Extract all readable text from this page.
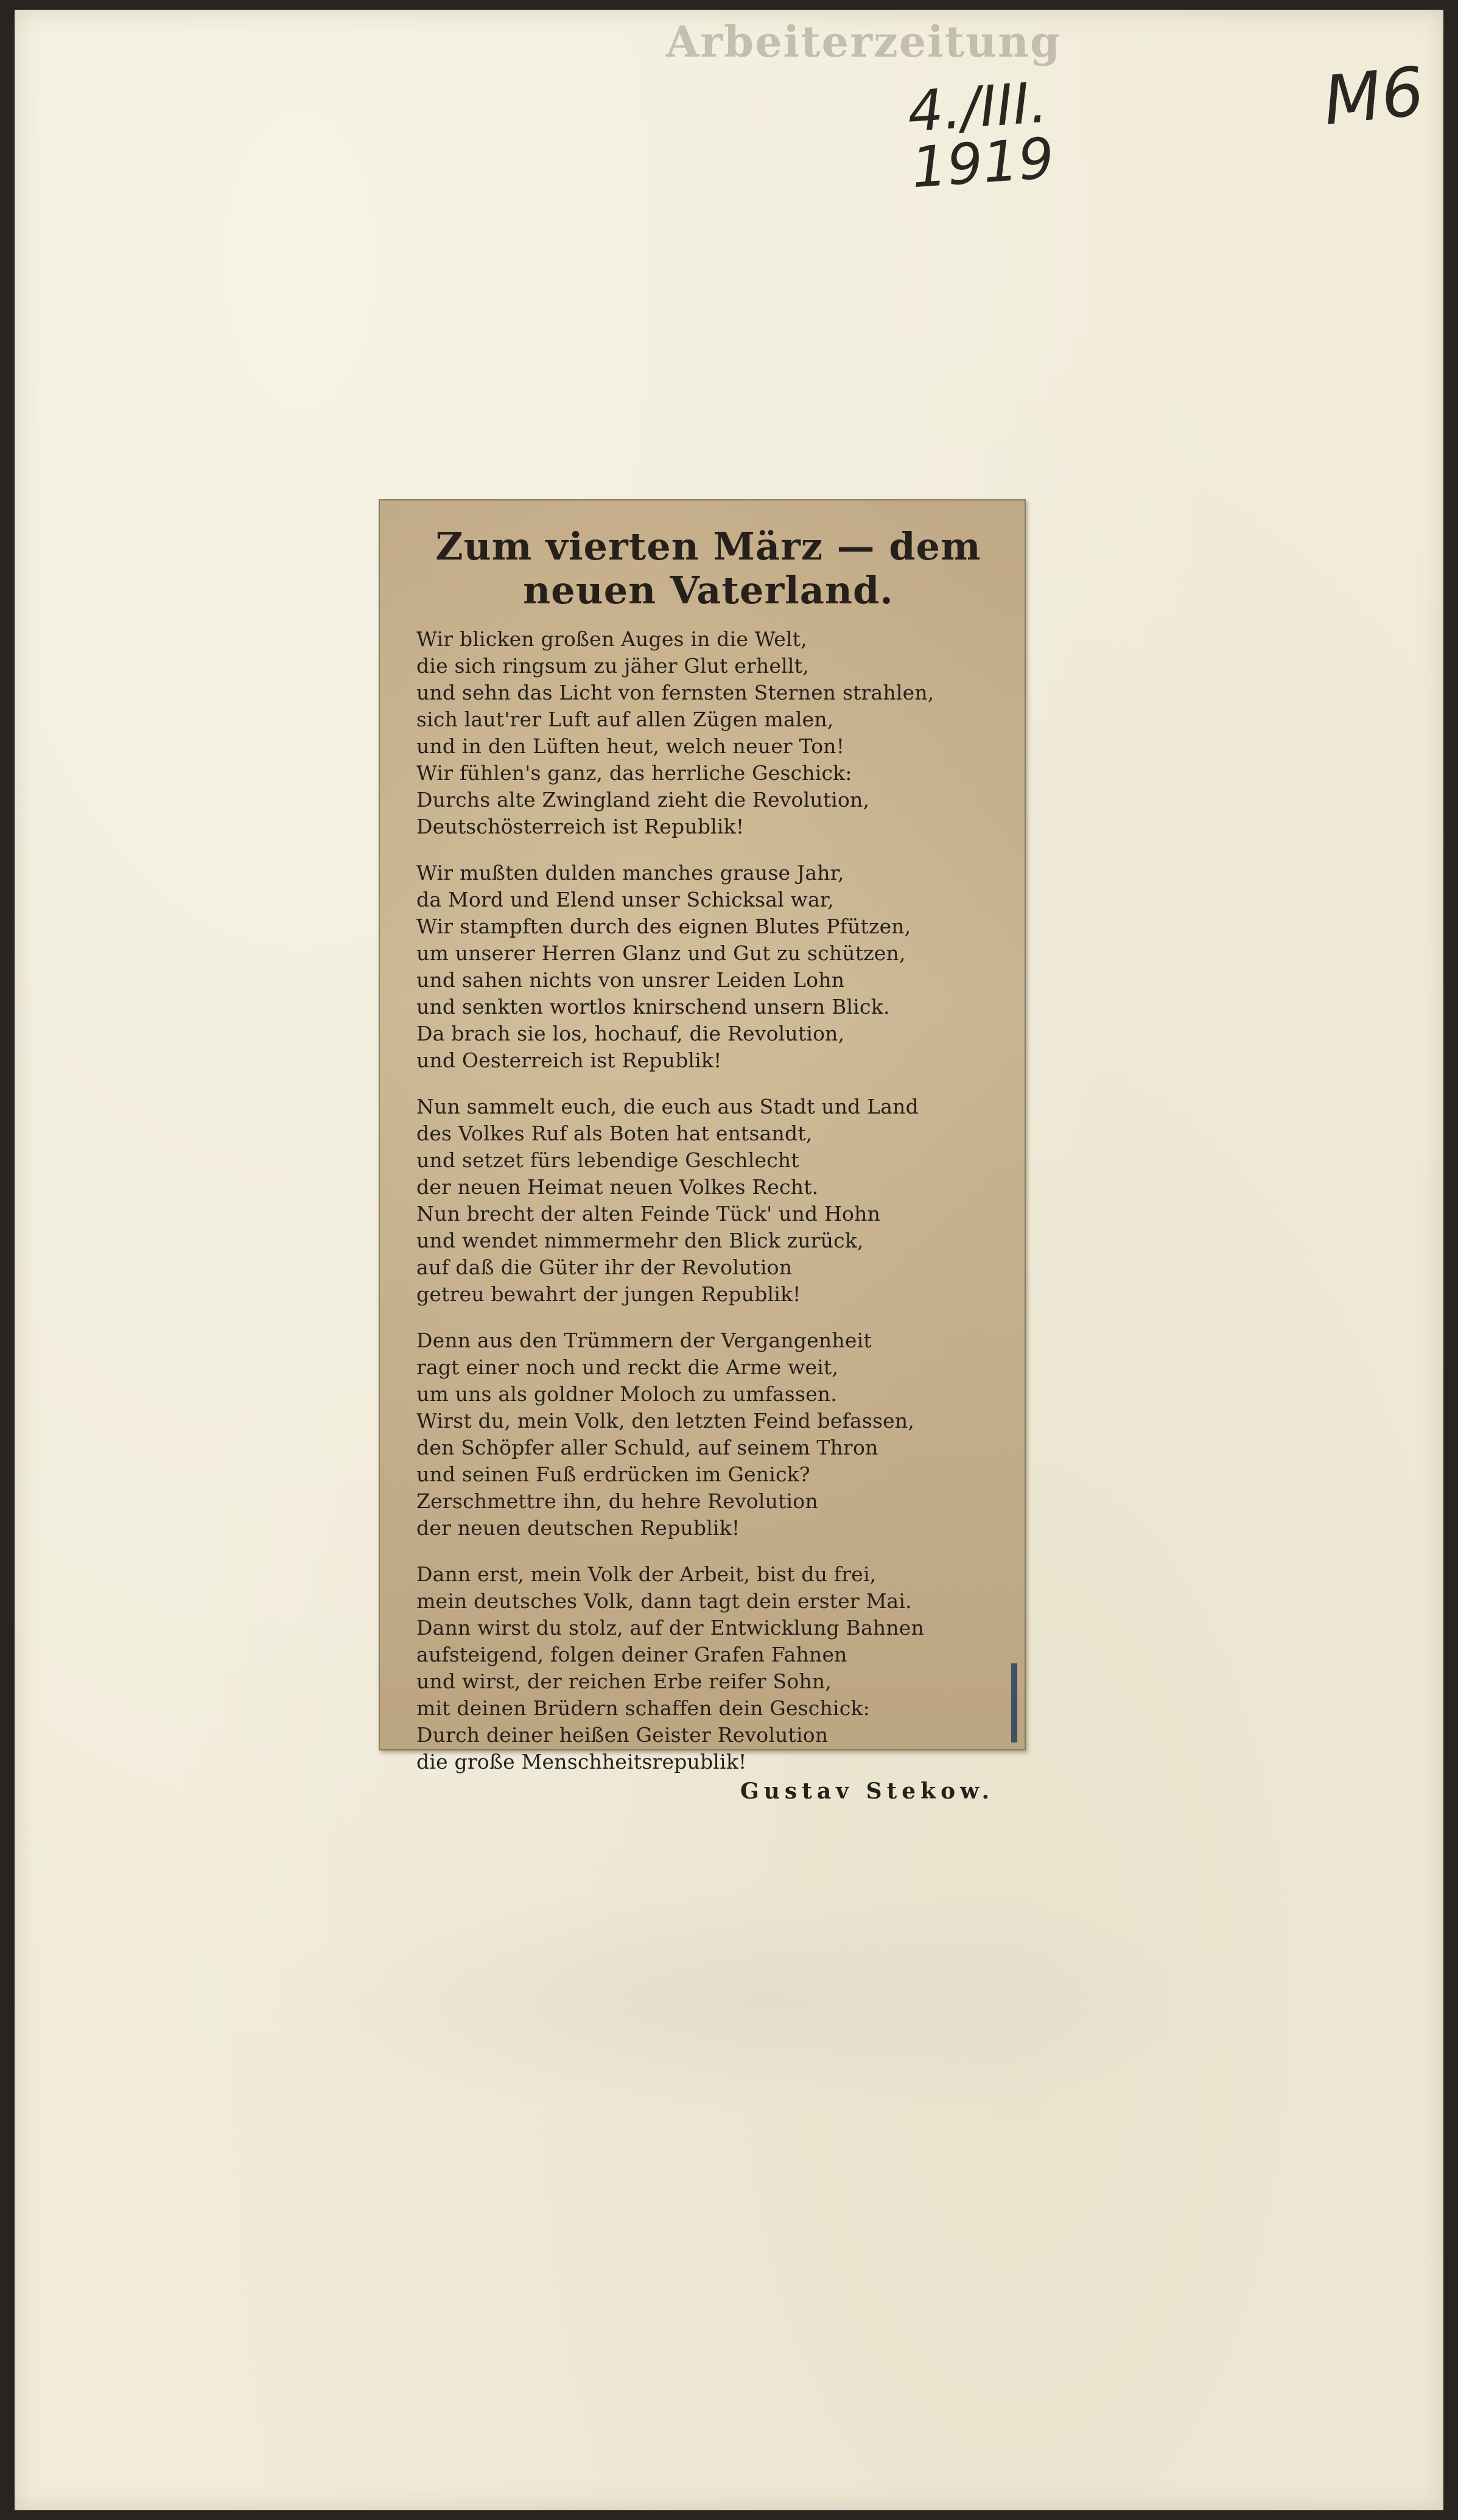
Arbeiterzeitung
4./III. 1919
M6
Zum vierten März — dem neuen Vaterland.
Wir blicken großen Auges in die Welt,
die sich ringsum zu jäher Glut erhellt,
und sehn das Licht von fernsten Sternen strahlen,
sich laut'rer Luft auf allen Zügen malen,
und in den Lüften heut, welch neuer Ton!
Wir fühlen's ganz, das herrliche Geschick:
Durchs alte Zwingland zieht die Revolution,
Deutschösterreich ist Republik!
Wir mußten dulden manches grause Jahr,
da Mord und Elend unser Schicksal war,
Wir stampften durch des eignen Blutes Pfützen,
um unserer Herren Glanz und Gut zu schützen,
und sahen nichts von unsrer Leiden Lohn
und senkten wortlos knirschend unsern Blick.
Da brach sie los, hochauf, die Revolution,
und Oesterreich ist Republik!
Nun sammelt euch, die euch aus Stadt und Land
des Volkes Ruf als Boten hat entsandt,
und setzet fürs lebendige Geschlecht
der neuen Heimat neuen Volkes Recht.
Nun brecht der alten Feinde Tück' und Hohn
und wendet nimmermehr den Blick zurück,
auf daß die Güter ihr der Revolution
getreu bewahrt der jungen Republik!
Denn aus den Trümmern der Vergangenheit
ragt einer noch und reckt die Arme weit,
um uns als goldner Moloch zu umfassen.
Wirst du, mein Volk, den letzten Feind befassen,
den Schöpfer aller Schuld, auf seinem Thron
und seinen Fuß erdrücken im Genick?
Zerschmettre ihn, du hehre Revolution
der neuen deutschen Republik!
Dann erst, mein Volk der Arbeit, bist du frei,
mein deutsches Volk, dann tagt dein erster Mai.
Dann wirst du stolz, auf der Entwicklung Bahnen
aufsteigend, folgen deiner Grafen Fahnen
und wirst, der reichen Erbe reifer Sohn,
mit deinen Brüdern schaffen dein Geschick:
Durch deiner heißen Geister Revolution
die große Menschheitsrepublik!
Gustav Stekow.
